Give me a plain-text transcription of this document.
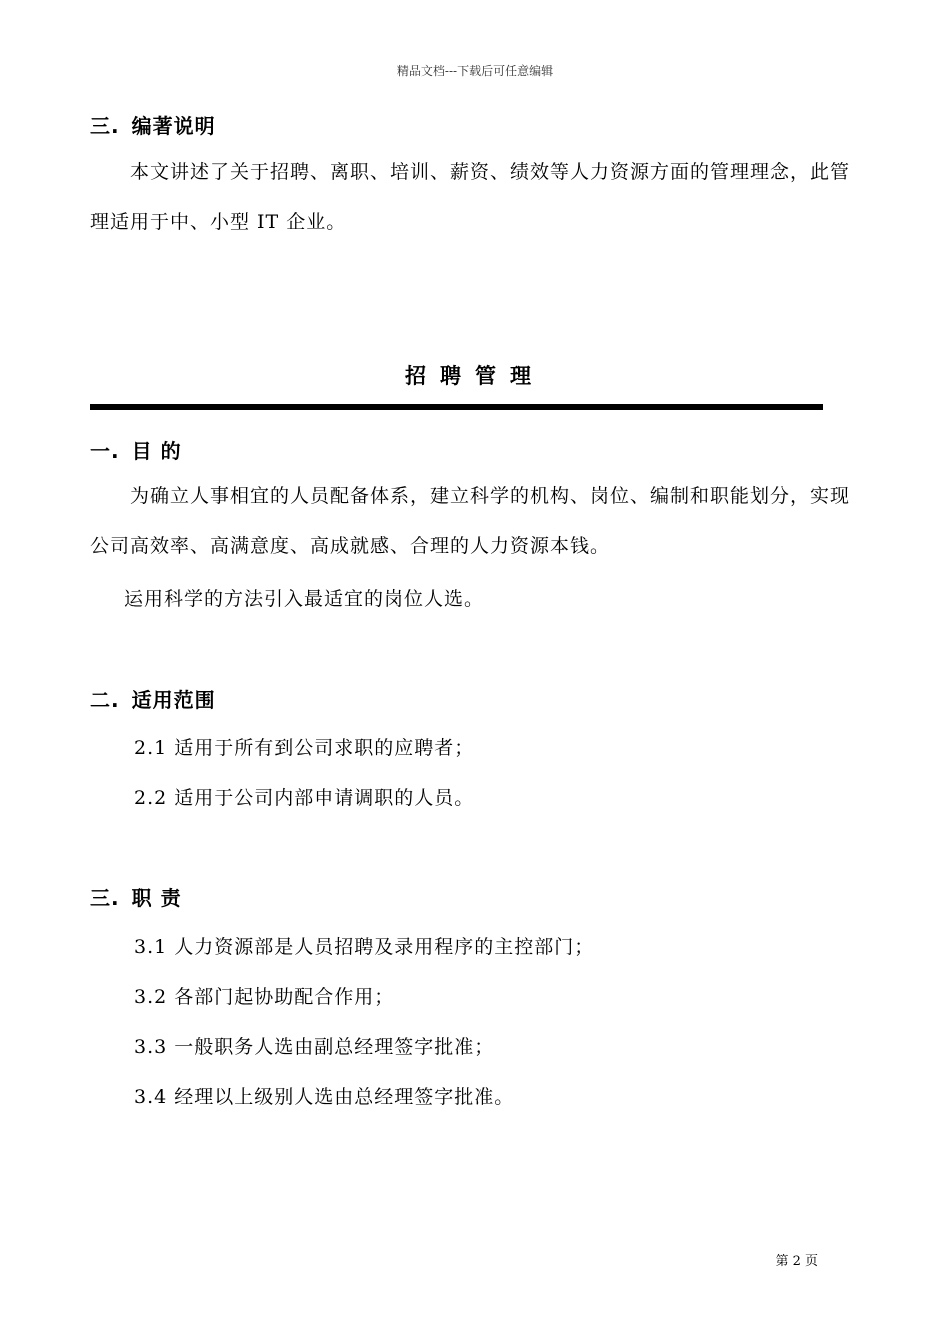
精品文档---下载后可任意编辑
三. 编著说明
本文讲述了关于招聘、离职、培训、薪资、绩效等人力资源方面的管理理念，此管理适用于中、小型 IT 企业。
招聘管理
一. 目 的
为确立人事相宜的人员配备体系，建立科学的机构、岗位、编制和职能划分，实现公司高效率、高满意度、高成就感、合理的人力资源本钱。
运用科学的方法引入最适宜的岗位人选。
二. 适用范围
2.1 适用于所有到公司求职的应聘者；
2.2 适用于公司内部申请调职的人员。
三. 职 责
3.1 人力资源部是人员招聘及录用程序的主控部门；
3.2 各部门起协助配合作用；
3.3 一般职务人选由副总经理签字批准；
3.4 经理以上级别人选由总经理签字批准。
第 2 页
